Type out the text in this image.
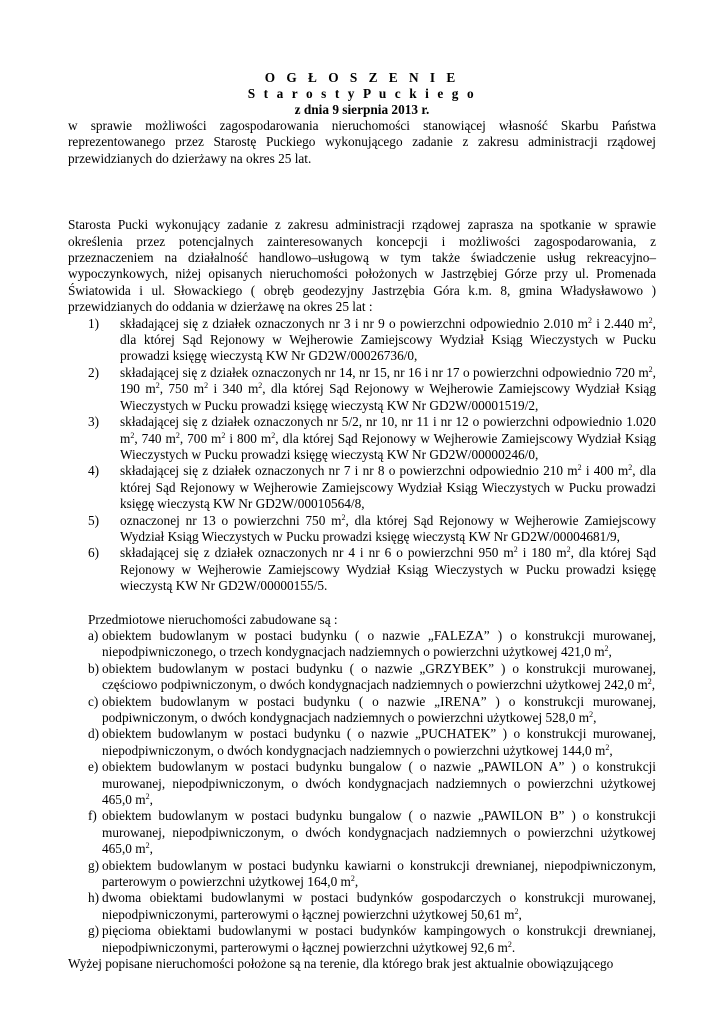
O G Ł O S Z E N I E

S t a r o s t y P u c k i e g o

z dnia 9 sierpnia 2013 r.

w sprawie możliwości zagospodarowania nieruchomości stanowiącej własność Skarbu Państwa reprezentowanego przez Starostę Puckiego wykonującego zadanie z zakresu administracji rządowej przewidzianych do dzierżawy na okres 25 lat.

Starosta Pucki wykonujący zadanie z zakresu administracji rządowej zaprasza na spotkanie w sprawie określenia przez potencjalnych zainteresowanych koncepcji i możliwości zagospodarowania, z przeznaczeniem na działalność handlowo–usługową w tym także świadczenie usług rekreacyjno–wypoczynkowych, niżej opisanych nieruchomości położonych w Jastrzębiej Górze przy ul. Promenada Światowida i ul. Słowackiego ( obręb geodezyjny Jastrzębia Góra k.m. 8, gmina Władysławowo ) przewidzianych do oddania w dzierżawę na okres 25 lat :

1) składającej się z działek oznaczonych nr 3 i nr 9 o powierzchni odpowiednio 2.010 $m^2$ i 2.440 $m^2$, dla której Sąd Rejonowy w Wejherowie Zamiejscowy Wydział Ksiąg Wieczystych w Pucku prowadzi księgę wieczystą KW Nr GD2W/00026736/0,
2) składającej się z działek oznaczonych nr 14, nr 15, nr 16 i nr 17 o powierzchni odpowiednio 720 $m^2$, 190 $m^2$, 750 $m^2$ i 340 $m^2$, dla której Sąd Rejonowy w Wejherowie Zamiejscowy Wydział Ksiąg Wieczystych w Pucku prowadzi księgę wieczystą KW Nr GD2W/00001519/2,
3) składającej się z działek oznaczonych nr 5/2, nr 10, nr 11 i nr 12 o powierzchni odpowiednio 1.020 $m^2$, 740 $m^2$, 700 $m^2$ i 800 $m^2$, dla której Sąd Rejonowy w Wejherowie Zamiejscowy Wydział Ksiąg Wieczystych w Pucku prowadzi księgę wieczystą KW Nr GD2W/00000246/0,
4) składającej się z działek oznaczonych nr 7 i nr 8 o powierzchni odpowiednio 210 $m^2$ i 400 $m^2$, dla której Sąd Rejonowy w Wejherowie Zamiejscowy Wydział Ksiąg Wieczystych w Pucku prowadzi księgę wieczystą KW Nr GD2W/00010564/8,
5) oznaczonej nr 13 o powierzchni 750 $m^2$, dla której Sąd Rejonowy w Wejherowie Zamiejscowy Wydział Ksiąg Wieczystych w Pucku prowadzi księgę wieczystą KW Nr GD2W/00004681/9,
6) składającej się z działek oznaczonych nr 4 i nr 6 o powierzchni 950 $m^2$ i 180 $m^2$, dla której Sąd Rejonowy w Wejherowie Zamiejscowy Wydział Ksiąg Wieczystych w Pucku prowadzi księgę wieczystą KW Nr GD2W/00000155/5.

Przedmiotowe nieruchomości zabudowane są :

a) obiektem budowlanym w postaci budynku ( o nazwie „FALEZA” ) o konstrukcji murowanej, niepodpiwniczonego, o trzech kondygnacjach nadziemnych o powierzchni użytkowej 421,0 $m^2$,
b) obiektem budowlanym w postaci budynku ( o nazwie „GRZYBEK” ) o konstrukcji murowanej, częściowo podpiwniczonym, o dwóch kondygnacjach nadziemnych o powierzchni użytkowej 242,0 $m^2$,
c) obiektem budowlanym w postaci budynku ( o nazwie „IRENA” ) o konstrukcji murowanej, podpiwniczonym, o dwóch kondygnacjach nadziemnych o powierzchni użytkowej 528,0 $m^2$,
d) obiektem budowlanym w postaci budynku ( o nazwie „PUCHATEK” ) o konstrukcji murowanej, niepodpiwniczonym, o dwóch kondygnacjach nadziemnych o powierzchni użytkowej 144,0 $m^2$,
e) obiektem budowlanym w postaci budynku bungalow ( o nazwie „PAWILON A” ) o konstrukcji murowanej, niepodpiwniczonym, o dwóch kondygnacjach nadziemnych o powierzchni użytkowej 465,0 $m^2$,
f) obiektem budowlanym w postaci budynku bungalow ( o nazwie „PAWILON B” ) o konstrukcji murowanej, niepodpiwniczonym, o dwóch kondygnacjach nadziemnych o powierzchni użytkowej 465,0 $m^2$,
g) obiektem budowlanym w postaci budynku kawiarni o konstrukcji drewnianej, niepodpiwniczonym, parterowym o powierzchni użytkowej 164,0 $m^2$,
h) dwoma obiektami budowlanymi w postaci budynków gospodarczych o konstrukcji murowanej, niepodpiwniczonymi, parterowymi o łącznej powierzchni użytkowej 50,61 $m^2$,
g) pięcioma obiektami budowlanymi w postaci budynków kampingowych o konstrukcji drewnianej, niepodpiwniczonymi, parterowymi o łącznej powierzchni użytkowej 92,6 $m^2$.

Wyżej popisane nieruchomości położone są na terenie, dla którego brak jest aktualnie obowiązującego
